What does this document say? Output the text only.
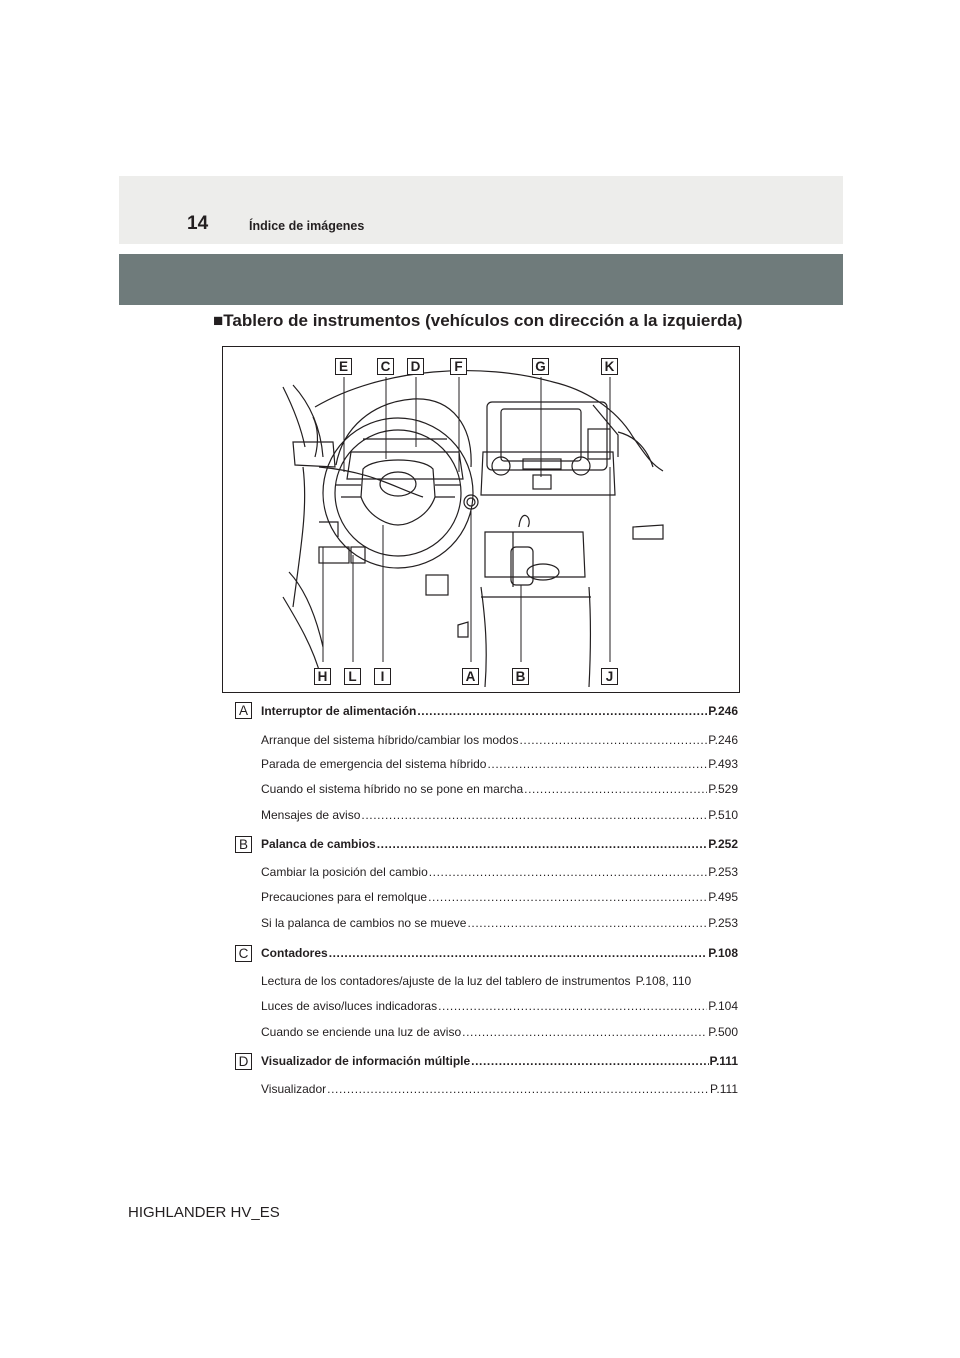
14	Índice de imágenes
■Tablero de instrumentos (vehículos con dirección a la izquierda)
E C D	F	G	K
H	L	I	A	B	J
A	Interruptor de alimentación .....	P.246
Arranque del sistema híbrido/cambiar los modos .....	P.246
Parada de emergencia del sistema híbrido .....	P.493
Cuando el sistema híbrido no se pone en marcha .....	P.529
Mensajes de aviso .....	P.510
B	Palanca de cambios .....	P.252
Cambiar la posición del cambio .....	P.253
Precauciones para el remolque .....	P.495
Si la palanca de cambios no se mueve .....	P.253
C	Contadores .....	P.108
Lectura de los contadores/ajuste de la luz del tablero de instrumentos P.108, 110
Luces de aviso/luces indicadoras .....	P.104
Cuando se enciende una luz de aviso .....	P.500
D	Visualizador de información múltiple .....	P.111
Visualizador .....	P.111
HIGHLANDER HV_ES
